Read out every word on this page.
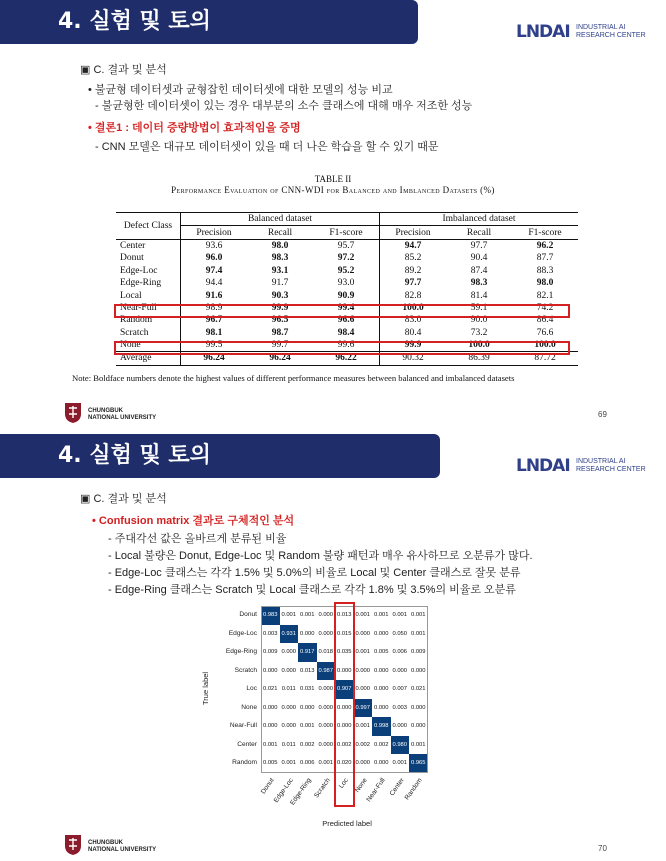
4. 실험 및 토의	LNDAI INDUSTRIAL AI
RESEARCH CENTER
▣ C. 결과 및 분석
• 불균형 데이터셋과 균형잡힌 데이터셋에 대한 모델의 성능 비교
- 불균형한 데이터셋이 있는 경우 대부분의 소수 클래스에 대해 매우 저조한 성능
• 결론1 : 데이터 증량방법이 효과적임을 증명
- CNN 모델은 대규모 데이터셋이 있을 때 더 나은 학습을 할 수 있기 때문
TABLE II
Performance Evaluation of CNN-WDI for Balanced and Imblanced Datasets (%)
Defect Class	Balanced dataset			Imbalanced dataset		
	Precision	Recall	F1-score	Precision	Recall	F1-score
Center	93.6	98.0	95.7	94.7	97.7	96.2
Donut	96.0	98.3	97.2	85.2	90.4	87.7
Edge-Loc	97.4	93.1	95.2	89.2	87.4	88.3
Edge-Ring	94.4	91.7	93.0	97.7	98.3	98.0
Local	91.6	90.3	90.9	82.8	81.4	82.1
Near-Full	98.9	99.9	99.4	100.0	59.1	74.2
Random	96.7	96.5	96.6	83.0	90.0	86.4
Scratch	98.1	98.7	98.4	80.4	73.2	76.6
None	99.5	99.7	99.6	99.9	100.0	100.0
Average	96.24	96.24	96.22	90.32	86.39	87.72
Note: Boldface numbers denote the highest values of different performance measures between balanced and imbalanced datasets
CHUNGBUK
NATIONAL UNIVERSITY	69
4. 실험 및 토의	LNDAI INDUSTRIAL AI
RESEARCH CENTER
▣ C. 결과 및 분석
• Confusion matrix 결과로 구체적인 분석
- 주대각선 값은 올바르게 분류된 비율
- Local 불량은 Donut, Edge-Loc 및 Random 불량 패턴과 매우 유사하므로 오분류가 많다.
- Edge-Loc 클래스는 각각 1.5% 및 5.0%의 비율로 Local 및 Center 클래스로 잘못 분류
- Edge-Ring 클래스는 Scratch 및 Local 클래스로 각각 1.8% 및 3.5%의 비율로 오분류
0.983 0.001 0.001 0.000 0.013 0.001 0.001 0.001 0.001
Donut
0.003 0.931 0.000 0.000 0.015 0.000 0.000 0.050 0.001
Edge-Loc
0.009 0.000 0.917 0.018 0.035 0.001 0.005 0.006 0.009
Edge-Ring
0.000 0.000 0.013 0.987 0.000 0.000 0.000 0.000 0.000
Scratch
0.021 0.011 0.031 0.000 0.907 0.000 0.000 0.007 0.021
Loc
0.000 0.000 0.000 0.000 0.000 0.997 0.000 0.003 0.000
None
0.000 0.000 0.001 0.000 0.000 0.001 0.998 0.000 0.000
Near-Full
0.001 0.011 0.002 0.000 0.002 0.002 0.002 0.980 0.001
Center
0.005 0.001 0.006 0.001 0.020 0.000 0.000 0.001 0.965
Random
Donut
Edge-Loc
Edge-Ring Scratch	Loc None
Near-Full Center
Random
Predicted label
True label
CHUNGBUK
NATIONAL UNIVERSITY	70
